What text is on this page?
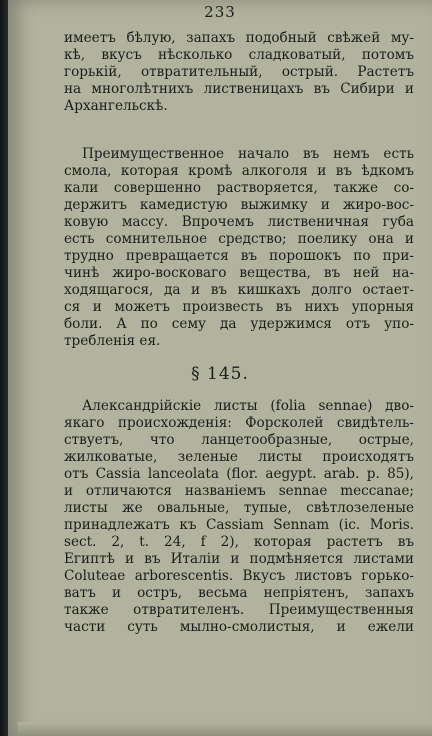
233
имеетъ бѣлую, запахъ подобный свѣжей му-
кѣ, вкусъ нѣсколько сладковатый, потомъ
горькій, отвратительный, острый. Растетъ
на многолѣтнихъ лиственицахъ въ Сибири и
Архангельскѣ.
Преимущественное начало въ немъ есть
смола, которая кромѣ алкоголя и въ ѣдкомъ
кали совершенно растворяется, также со-
держитъ камедистую выжимку и жиро-вос-
ковую массу. Впрочемъ лиственичная губа
есть сомнительное средство; поелику она и
трудно превращается въ порошокъ по при-
чинѣ жиро-восковаго вещества, въ ней на-
ходящагося, да и въ кишкахъ долго остает-
ся и можетъ произвесть въ нихъ упорныя
боли. А по сему да удержимся отъ упо-
требленія ея.
§ 145.
Александрійскіе листы (folia sennae) дво-
якаго происхожденія: Форсколей свидѣтель-
ствуетъ, что ланцетообразные, острые,
жилковатые, зеленые листы происходятъ
отъ Cassia lanceolata (flor. aegypt. arab. p. 85),
и отличаются названіемъ sennae meccanae;
листы же овальные, тупые, свѣтлозеленые
принадлежатъ къ Cassiam Sennam (ic. Moris.
sect. 2, t. 24, f 2), которая растетъ въ
Египтѣ и въ Италіи и подмѣняется листами
Coluteae arborescentis. Вкусъ листовъ горько-
ватъ и остръ, весьма непріятенъ, запахъ
также отвратителенъ. Преимущественныя
части суть мылно-смолистыя, и ежели
